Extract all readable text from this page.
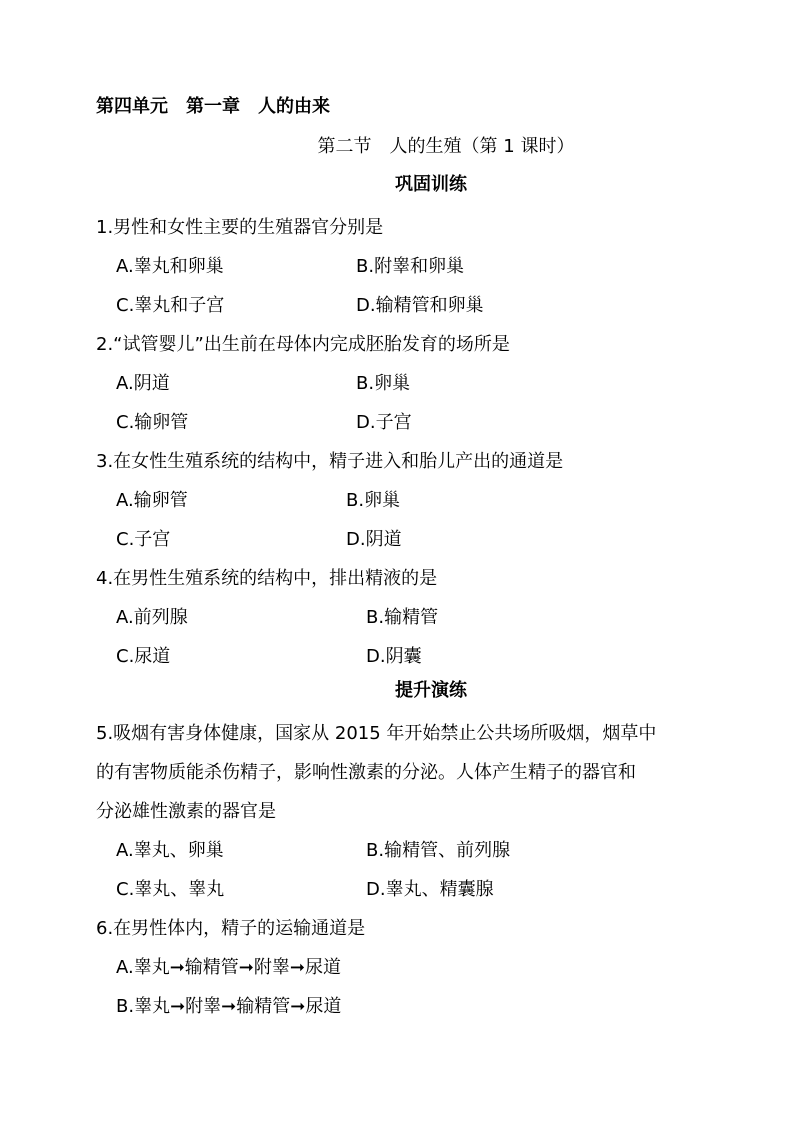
第四单元　第一章　人的由来
第二节　人的生殖（第 1 课时）
巩固训练

1.男性和女性主要的生殖器官分别是

A.睾丸和卵巢	B.附睾和卵巢
C.睾丸和子宫	D.输精管和卵巢

2.“试管婴儿”出生前在母体内完成胚胎发育的场所是

A.阴道	B.卵巢
C.输卵管	D.子宫

3.在女性生殖系统的结构中，精子进入和胎儿产出的通道是

A.输卵管	B.卵巢
C.子宫	D.阴道

4.在男性生殖系统的结构中，排出精液的是

A.前列腺	B.输精管
C.尿道	D.阴囊
提升演练

5.吸烟有害身体健康，国家从 2015 年开始禁止公共场所吸烟，烟草中

的有害物质能杀伤精子，影响性激素的分泌。人体产生精子的器官和

分泌雄性激素的器官是

A.睾丸、卵巢	B.输精管、前列腺
C.睾丸、睾丸	D.睾丸、精囊腺

6.在男性体内，精子的运输通道是

A.睾丸➞输精管➞附睾➞尿道
B.睾丸➞附睾➞输精管➞尿道
